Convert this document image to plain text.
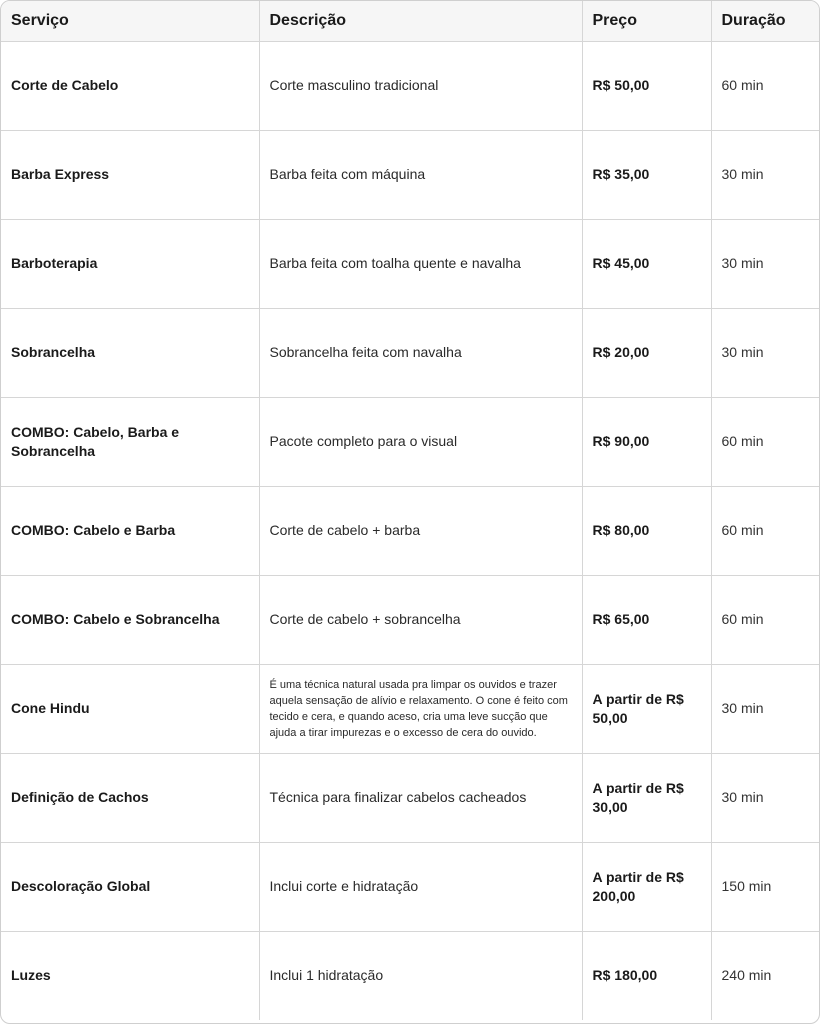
Serviço	Descrição	Preço	Duração
Corte de Cabelo	Corte masculino tradicional	R$ 50,00	60 min
Barba Express	Barba feita com máquina	R$ 35,00	30 min
Barboterapia	Barba feita com toalha quente e navalha	R$ 45,00	30 min
Sobrancelha	Sobrancelha feita com navalha	R$ 20,00	30 min
COMBO: Cabelo, Barba e Sobrancelha	Pacote completo para o visual	R$ 90,00	60 min
COMBO: Cabelo e Barba	Corte de cabelo + barba	R$ 80,00	60 min
COMBO: Cabelo e Sobrancelha	Corte de cabelo + sobrancelha	R$ 65,00	60 min
Cone Hindu	É uma técnica natural usada pra limpar os ouvidos e trazer aquela sensação de alívio e relaxamento. O cone é feito com tecido e cera, e quando aceso, cria uma leve sucção que ajuda a tirar impurezas e o excesso de cera do ouvido.	A partir de R$ 50,00	30 min
Definição de Cachos	Técnica para finalizar cabelos cacheados	A partir de R$ 30,00	30 min
Descoloração Global	Inclui corte e hidratação	A partir de R$ 200,00	150 min
Luzes	Inclui 1 hidratação	R$ 180,00	240 min
